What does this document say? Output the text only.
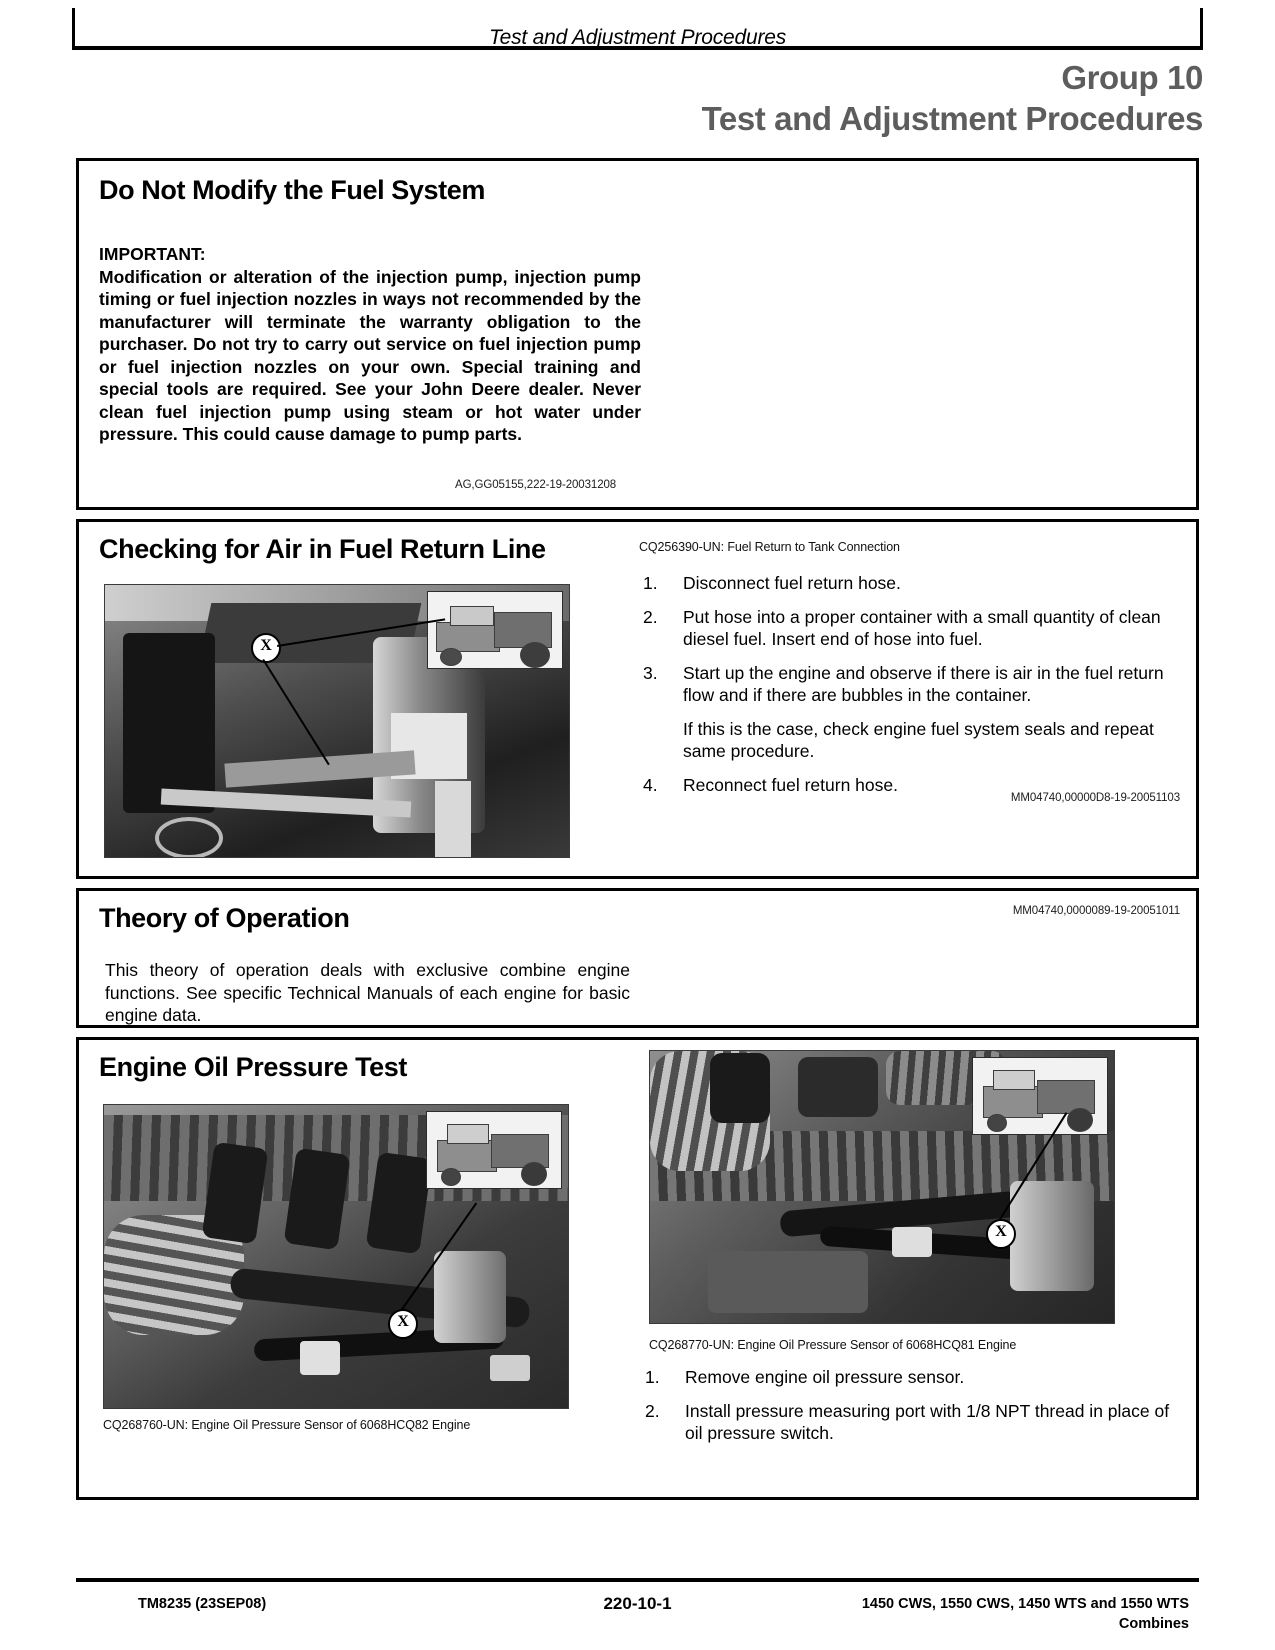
Test and Adjustment Procedures
Group 10
Test and Adjustment Procedures
Do Not Modify the Fuel System
IMPORTANT:
Modification or alteration of the injection pump, injection pump timing or fuel injection nozzles in ways not recommended by the manufacturer will terminate the warranty obligation to the purchaser. Do not try to carry out service on fuel injection pump or fuel injection nozzles on your own. Special training and special tools are required. See your John Deere dealer. Never clean fuel injection pump using steam or hot water under pressure. This could cause damage to pump parts.
AG,GG05155,222-19-20031208
Checking for Air in Fuel Return Line
X
CQ256390-UN: Fuel Return to Tank Connection
1.	Disconnect fuel return hose.
2.	Put hose into a proper container with a small quantity of clean diesel fuel. Insert end of hose into fuel.
3.	Start up the engine and observe if there is air in the fuel return flow and if there are bubbles in the container.
If this is the case, check engine fuel system seals and repeat same procedure.
4.	Reconnect fuel return hose.
MM04740,00000D8-19-20051103
Theory of Operation	MM04740,0000089-19-20051011
This theory of operation deals with exclusive combine engine functions. See specific Technical Manuals of each engine for basic engine data.
Engine Oil Pressure Test
X
CQ268760-UN: Engine Oil Pressure Sensor of 6068HCQ82 Engine
X
CQ268770-UN: Engine Oil Pressure Sensor of 6068HCQ81 Engine
1.	Remove engine oil pressure sensor.
2.	Install pressure measuring port with 1/8 NPT thread in place of oil pressure switch.
TM8235 (23SEP08)	220-10-1	1450 CWS, 1550 CWS, 1450 WTS and 1550 WTS
Combines
